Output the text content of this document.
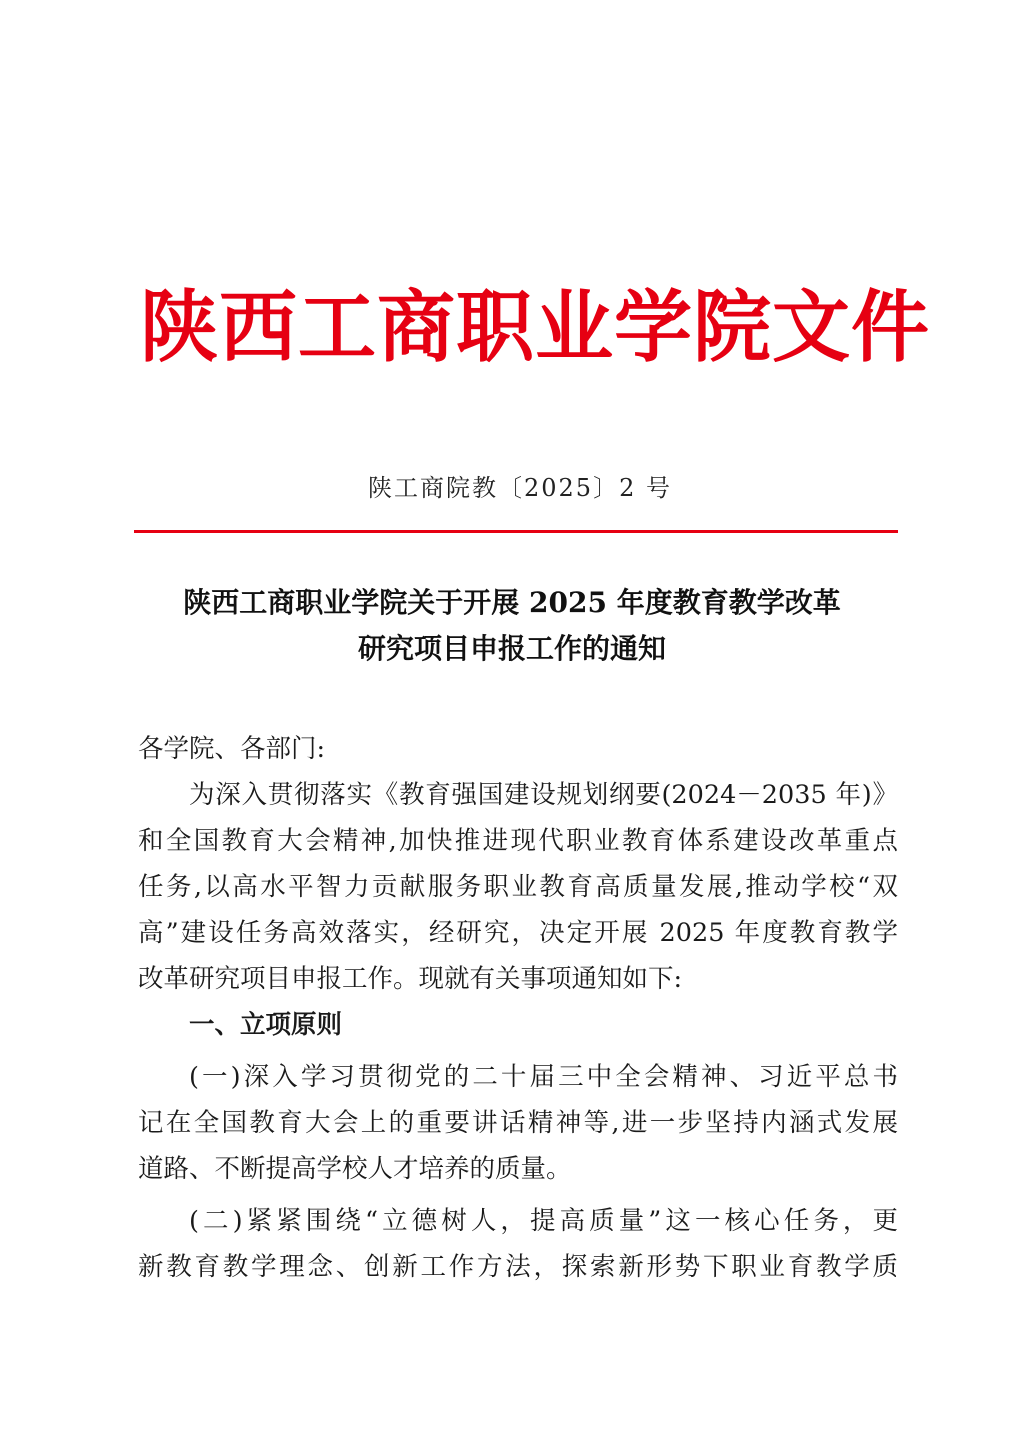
陕西工商职业学院文件
陕工商院教〔2025〕2 号
陕西工商职业学院关于开展 2025 年度教育教学改革
研究项目申报工作的通知
各学院、各部门:
为深入贯彻落实《教育强国建设规划纲要(2024－2035 年)》
和全国教育大会精神,加快推进现代职业教育体系建设改革重点
任务,以高水平智力贡献服务职业教育高质量发展,推动学校“双
高”建设任务高效落实，经研究，决定开展 2025 年度教育教学
改革研究项目申报工作。现就有关事项通知如下:
一、立项原则
(一)深入学习贯彻党的二十届三中全会精神、习近平总书
记在全国教育大会上的重要讲话精神等,进一步坚持内涵式发展
道路、不断提高学校人才培养的质量。
(二)紧紧围绕“立德树人，提高质量”这一核心任务，更
新教育教学理念、创新工作方法，探索新形势下职业育教学质
